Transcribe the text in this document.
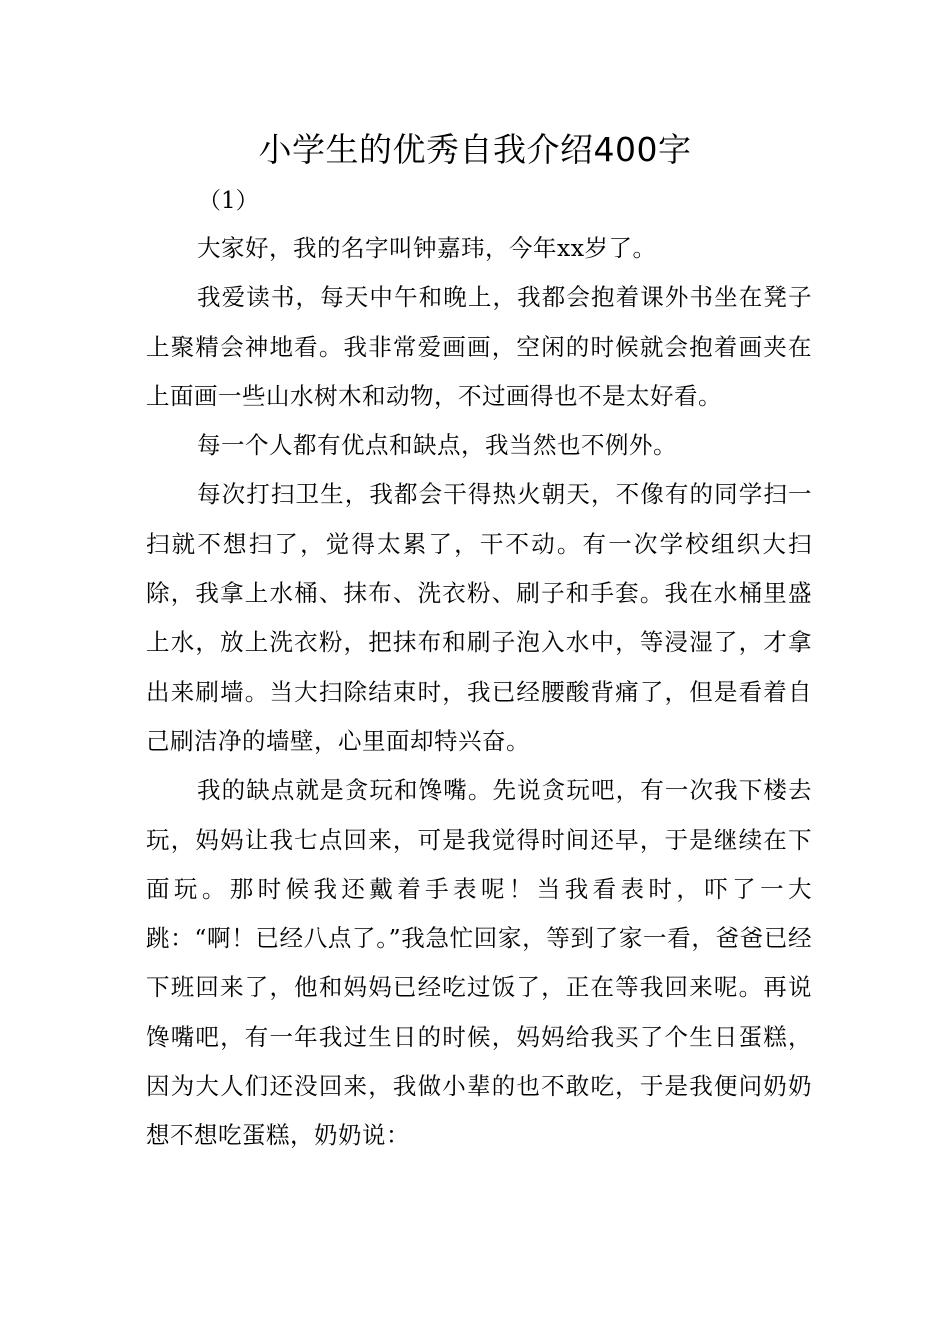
小学生的优秀自我介绍400字
（1）

大家好，我的名字叫钟嘉玮，今年xx岁了。

我爱读书，每天中午和晚上，我都会抱着课外书坐在凳子上聚精会神地看。我非常爱画画，空闲的时候就会抱着画夹在上面画一些山水树木和动物，不过画得也不是太好看。

每一个人都有优点和缺点，我当然也不例外。

每次打扫卫生，我都会干得热火朝天，不像有的同学扫一扫就不想扫了，觉得太累了，干不动。有一次学校组织大扫除，我拿上水桶、抹布、洗衣粉、刷子和手套。我在水桶里盛上水，放上洗衣粉，把抹布和刷子泡入水中，等浸湿了，才拿出来刷墙。当大扫除结束时，我已经腰酸背痛了，但是看着自己刷洁净的墙壁，心里面却特兴奋。

我的缺点就是贪玩和馋嘴。先说贪玩吧，有一次我下楼去玩，妈妈让我七点回来，可是我觉得时间还早，于是继续在下面玩。那时候我还戴着手表呢！当我看表时，吓了一大跳：“啊！已经八点了。”我急忙回家，等到了家一看，爸爸已经下班回来了，他和妈妈已经吃过饭了，正在等我回来呢。再说馋嘴吧，有一年我过生日的时候，妈妈给我买了个生日蛋糕，因为大人们还没回来，我做小辈的也不敢吃，于是我便问奶奶想不想吃蛋糕，奶奶说：
